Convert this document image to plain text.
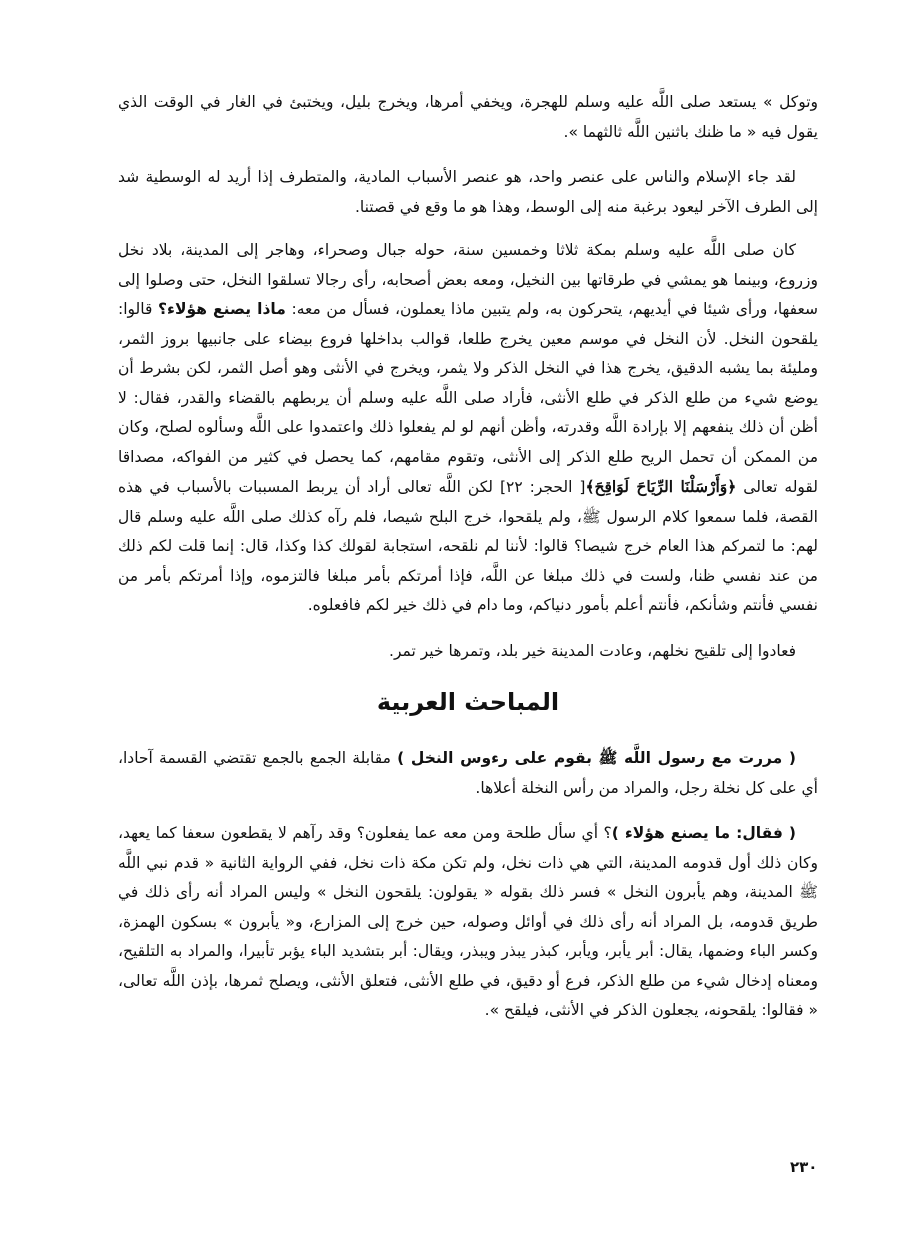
وتوكل » يستعد صلى اللَّه عليه وسلم للهجرة، ويخفي أمرها، ويخرج بليل، ويختبئ في الغار في الوقت الذي يقول فيه « ما ظنك باثنين اللَّه ثالثهما ».

لقد جاء الإسلام والناس على عنصر واحد، هو عنصر الأسباب المادية، والمتطرف إذا أريد له الوسطية شد إلى الطرف الآخر ليعود برغبة منه إلى الوسط، وهذا هو ما وقع في قصتنا.

كان صلى اللَّه عليه وسلم بمكة ثلاثا وخمسين سنة، حوله جبال وصحراء، وهاجر إلى المدينة، بلاد نخل وزروع، وبينما هو يمشي في طرقاتها بين النخيل، ومعه بعض أصحابه، رأى رجالا تسلقوا النخل، حتى وصلوا إلى سعفها، ورأى شيئا في أيديهم، يتحركون به، ولم يتبين ماذا يعملون، فسأل من معه: ماذا يصنع هؤلاء؟ قالوا: يلقحون النخل. لأن النخل في موسم معين يخرج طلعا، قوالب بداخلها فروع بيضاء على جانبيها بروز الثمر، ومليئة بما يشبه الدقيق، يخرج هذا في النخل الذكر ولا يثمر، ويخرج في الأنثى وهو أصل الثمر، لكن بشرط أن يوضع شيء من طلع الذكر في طلع الأنثى، فأراد صلى اللَّه عليه وسلم أن يربطهم بالقضاء والقدر، فقال: لا أظن أن ذلك ينفعهم إلا بإرادة اللَّه وقدرته، وأظن أنهم لو لم يفعلوا ذلك واعتمدوا على اللَّه وسألوه لصلح، وكان من الممكن أن تحمل الريح طلع الذكر إلى الأنثى، وتقوم مقامهم، كما يحصل في كثير من الفواكه، مصداقا لقوله تعالى ﴿وَأَرْسَلْنَا الرِّيَاحَ لَوَاقِحَ﴾[ الحجر: ٢٢] لكن اللَّه تعالى أراد أن يربط المسببات بالأسباب في هذه القصة، فلما سمعوا كلام الرسول ﷺ، ولم يلقحوا، خرج البلح شيصا، فلم رآه كذلك صلى اللَّه عليه وسلم قال لهم: ما لتمركم هذا العام خرج شيصا؟ قالوا: لأننا لم نلقحه، استجابة لقولك كذا وكذا، قال: إنما قلت لكم ذلك من عند نفسي ظنا، ولست في ذلك مبلغا عن اللَّه، فإذا أمرتكم بأمر مبلغا فالتزموه، وإذا أمرتكم بأمر من نفسي فأنتم وشأنكم، فأنتم أعلم بأمور دنياكم، وما دام في ذلك خير لكم فافعلوه.

فعادوا إلى تلقيح نخلهم، وعادت المدينة خير بلد، وتمرها خير تمر.

المباحث العربية

( مررت مع رسول اللَّه ﷺ بقوم على رءوس النخل ) مقابلة الجمع بالجمع تقتضي القسمة آحادا، أي على كل نخلة رجل، والمراد من رأس النخلة أعلاها.

( فقال: ما يصنع هؤلاء )؟ أي سأل طلحة ومن معه عما يفعلون؟ وقد رآهم لا يقطعون سعفا كما يعهد، وكان ذلك أول قدومه المدينة، التي هي ذات نخل، ولم تكن مكة ذات نخل، ففي الرواية الثانية « قدم نبي اللَّه ﷺ المدينة، وهم يأبرون النخل » فسر ذلك بقوله « يقولون: يلقحون النخل » وليس المراد أنه رأى ذلك في طريق قدومه، بل المراد أنه رأى ذلك في أوائل وصوله، حين خرج إلى المزارع، و« يأبرون » بسكون الهمزة، وكسر الباء وضمها، يقال: أبر يأبر، ويأبر، كبذر يبذر ويبذر، ويقال: أبر بتشديد الباء يؤبر تأبيرا، والمراد به التلقيح، ومعناه إدخال شيء من طلع الذكر، فرع أو دقيق، في طلع الأنثى، فتعلق الأنثى، ويصلح ثمرها، بإذن اللَّه تعالى، « فقالوا: يلقحونه، يجعلون الذكر في الأنثى، فيلقح ».

٢٣٠
